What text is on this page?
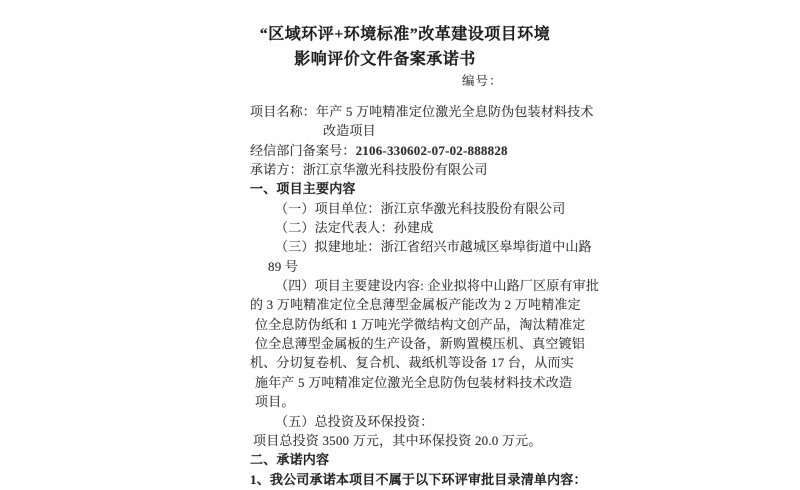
“区域环评+环境标准”改革建设项目环境
影响评价文件备案承诺书
编号：
项目名称：年产 5 万吨精准定位激光全息防伪包装材料技术
改造项目
经信部门备案号：2106-330602-07-02-888828
承诺方：浙江京华激光科技股份有限公司
一、项目主要内容
（一）项目单位：浙江京华激光科技股份有限公司
（二）法定代表人：孙建成
（三）拟建地址：浙江省绍兴市越城区皋埠街道中山路
89 号
（四）项目主要建设内容: 企业拟将中山路厂区原有审批
的 3 万吨精准定位全息薄型金属板产能改为 2 万吨精准定
位全息防伪纸和 1 万吨光学微结构文创产品，淘汰精准定
位全息薄型金属板的生产设备，新购置模压机、真空镀铝
机、分切复卷机、复合机、裁纸机等设备 17 台，从而实
施年产 5 万吨精准定位激光全息防伪包装材料技术改造
项目。
（五）总投资及环保投资：
项目总投资 3500 万元，其中环保投资 20.0 万元。
二、承诺内容
1、我公司承诺本项目不属于以下环评审批目录清单内容：
